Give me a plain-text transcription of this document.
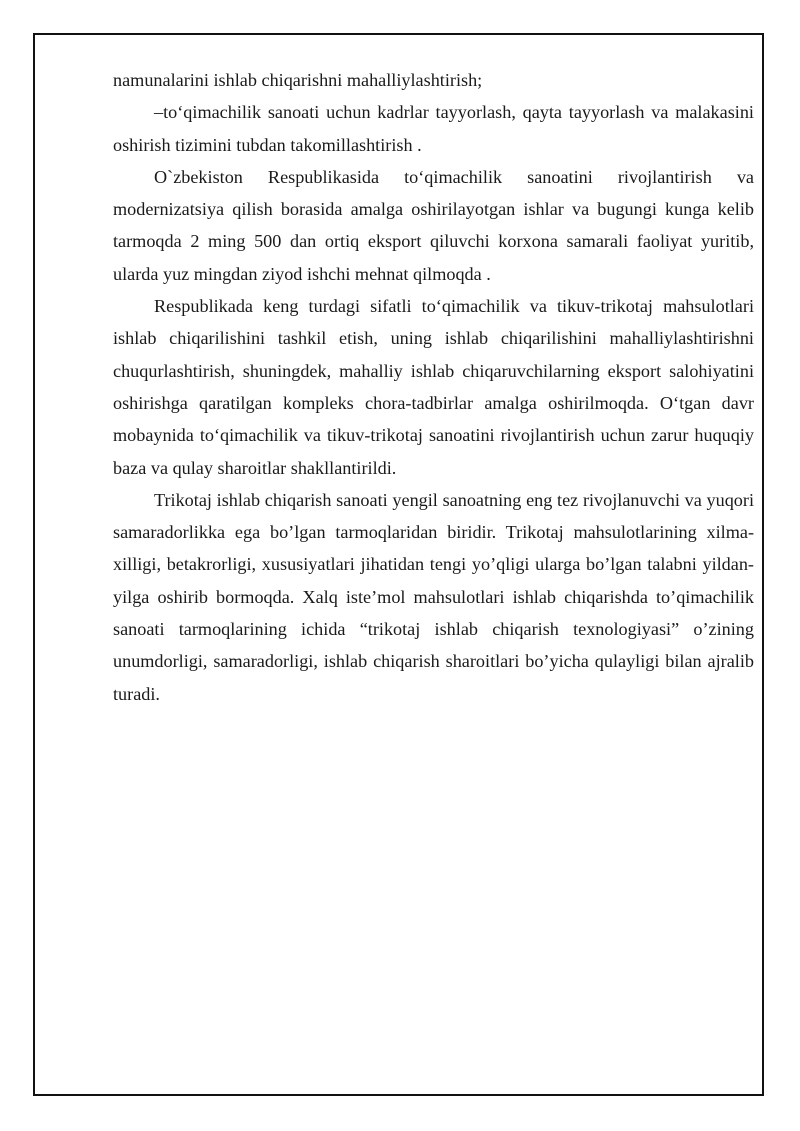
namunalarini ishlab chiqarishni mahalliylashtirish;

–to‘qimachilik sanoati uchun kadrlar tayyorlash, qayta tayyorlash va malakasini oshirish tizimini tubdan takomillashtirish .

O`zbekiston Respublikasida to‘qimachilik sanoatini rivojlantirish va modernizatsiya qilish borasida amalga oshirilayotgan ishlar va bugungi kunga kelib tarmoqda 2 ming 500 dan ortiq eksport qiluvchi korxona samarali faoliyat yuritib, ularda yuz mingdan ziyod ishchi mehnat qilmoqda .

Respublikada keng turdagi sifatli to‘qimachilik va tikuv-trikotaj mahsulotlari ishlab chiqarilishini tashkil etish, uning ishlab chiqarilishini mahalliylashtirishni chuqurlashtirish, shuningdek, mahalliy ishlab chiqaruvchilarning eksport salohiyatini oshirishga qaratilgan kompleks chora-tadbirlar amalga oshirilmoqda. O‘tgan davr mobaynida to‘qimachilik va tikuv-trikotaj sanoatini rivojlantirish uchun zarur huquqiy baza va qulay sharoitlar shakllantirildi.

Trikotaj ishlab chiqarish sanoati yengil sanoatning eng tez rivojlanuvchi va yuqori samaradorlikka ega bo’lgan tarmoqlaridan biridir. Trikotaj mahsulotlarining xilma- xilligi, betakrorligi, xususiyatlari jihatidan tengi yo’qligi ularga bo’lgan talabni yildan-yilga oshirib bormoqda. Xalq iste’mol mahsulotlari ishlab chiqarishda to’qimachilik sanoati tarmoqlarining ichida “trikotaj ishlab chiqarish texnologiyasi” o’zining unumdorligi, samaradorligi, ishlab chiqarish sharoitlari bo’yicha qulayligi bilan ajralib turadi.
